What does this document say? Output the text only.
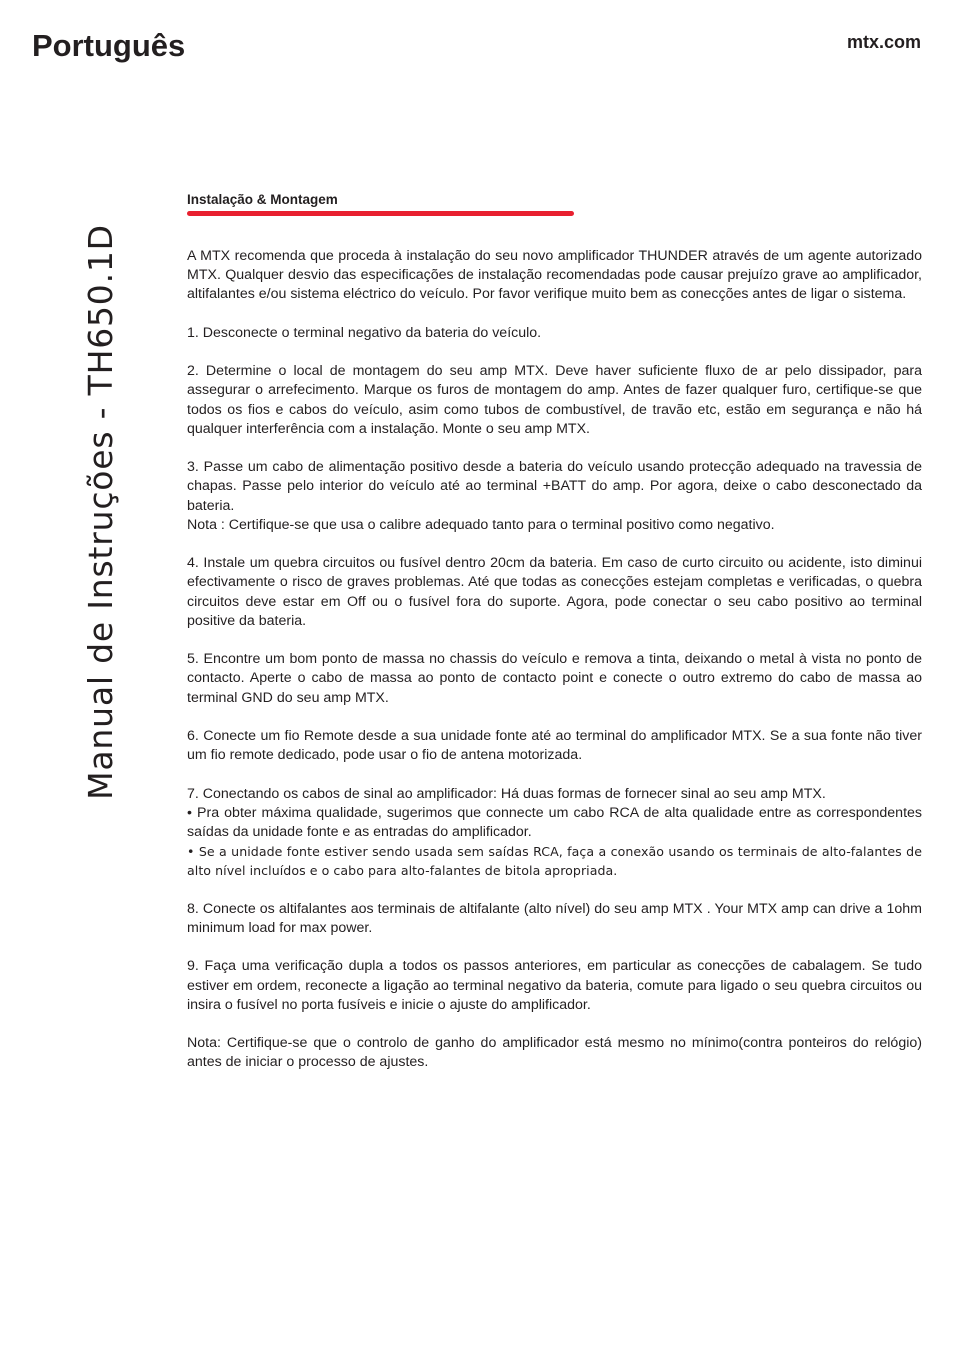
Português	mtx.com
Manual de Instruções - TH650.1D
Instalação & Montagem

A MTX recomenda que proceda à instalação do seu novo amplificador THUNDER através de um agente autorizado MTX. Qualquer desvio das especificações de instalação recomendadas pode causar prejuízo grave ao amplificador, altifalantes e/ou sistema eléctrico do veículo. Por favor verifique muito bem as conecções antes de ligar o sistema.

1. Desconecte o terminal negativo da bateria do veículo.

2. Determine o local de montagem do seu amp MTX. Deve haver suficiente fluxo de ar pelo dissipador, para assegurar o arrefecimento. Marque os furos de montagem do amp. Antes de fazer qualquer furo, certifique-se que todos os fios e cabos do veículo, asim como tubos de combustível, de travão etc, estão em segurança e não há qualquer interferência com a instalação. Monte o seu amp MTX.

3. Passe um cabo de alimentação positivo desde a bateria do veículo usando protecção adequado na travessia de chapas. Passe pelo interior do veículo até ao terminal +BATT do amp. Por agora, deixe o cabo desconectado da bateria.

Nota : Certifique-se que usa o calibre adequado tanto para o terminal positivo como negativo.

4. Instale um quebra circuitos ou fusível dentro 20cm da bateria. Em caso de curto circuito ou acidente, isto diminui efectivamente o risco de graves problemas. Até que todas as conecções estejam completas e verificadas, o quebra circuitos deve estar em Off ou o fusível fora do suporte. Agora, pode conectar o seu cabo positivo ao terminal positive da bateria.

5. Encontre um bom ponto de massa no chassis do veículo e remova a tinta, deixando o metal à vista no ponto de contacto. Aperte o cabo de massa ao ponto de contacto point e conecte o outro extremo do cabo de massa ao terminal GND do seu amp MTX.

6. Conecte um fio Remote desde a sua unidade fonte até ao terminal do amplificador MTX. Se a sua fonte não tiver um fio remote dedicado, pode usar o fio de antena motorizada.

7. Conectando os cabos de sinal ao amplificador: Há duas formas de fornecer sinal ao seu amp MTX.

• Pra obter máxima qualidade, sugerimos que connecte um cabo RCA de alta qualidade entre as correspondentes saídas da unidade fonte e as entradas do amplificador.

• Se a unidade fonte estiver sendo usada sem saídas RCA, faça a conexão usando os terminais de alto-falantes de alto nível incluídos e o cabo para alto-falantes de bitola apropriada.

8. Conecte os altifalantes aos terminais de altifalante (alto nível) do seu amp MTX . Your MTX amp can drive a 1ohm minimum load for max power.

9. Faça uma verificação dupla a todos os passos anteriores, em particular as conecções de cabalagem. Se tudo estiver em ordem, reconecte a ligação ao terminal negativo da bateria, comute para ligado o seu quebra circuitos ou insira o fusível no porta fusíveis e inicie o ajuste do amplificador.

Nota: Certifique-se que o controlo de ganho do amplificador está mesmo no mínimo(contra ponteiros do relógio) antes de iniciar o processo de ajustes.
